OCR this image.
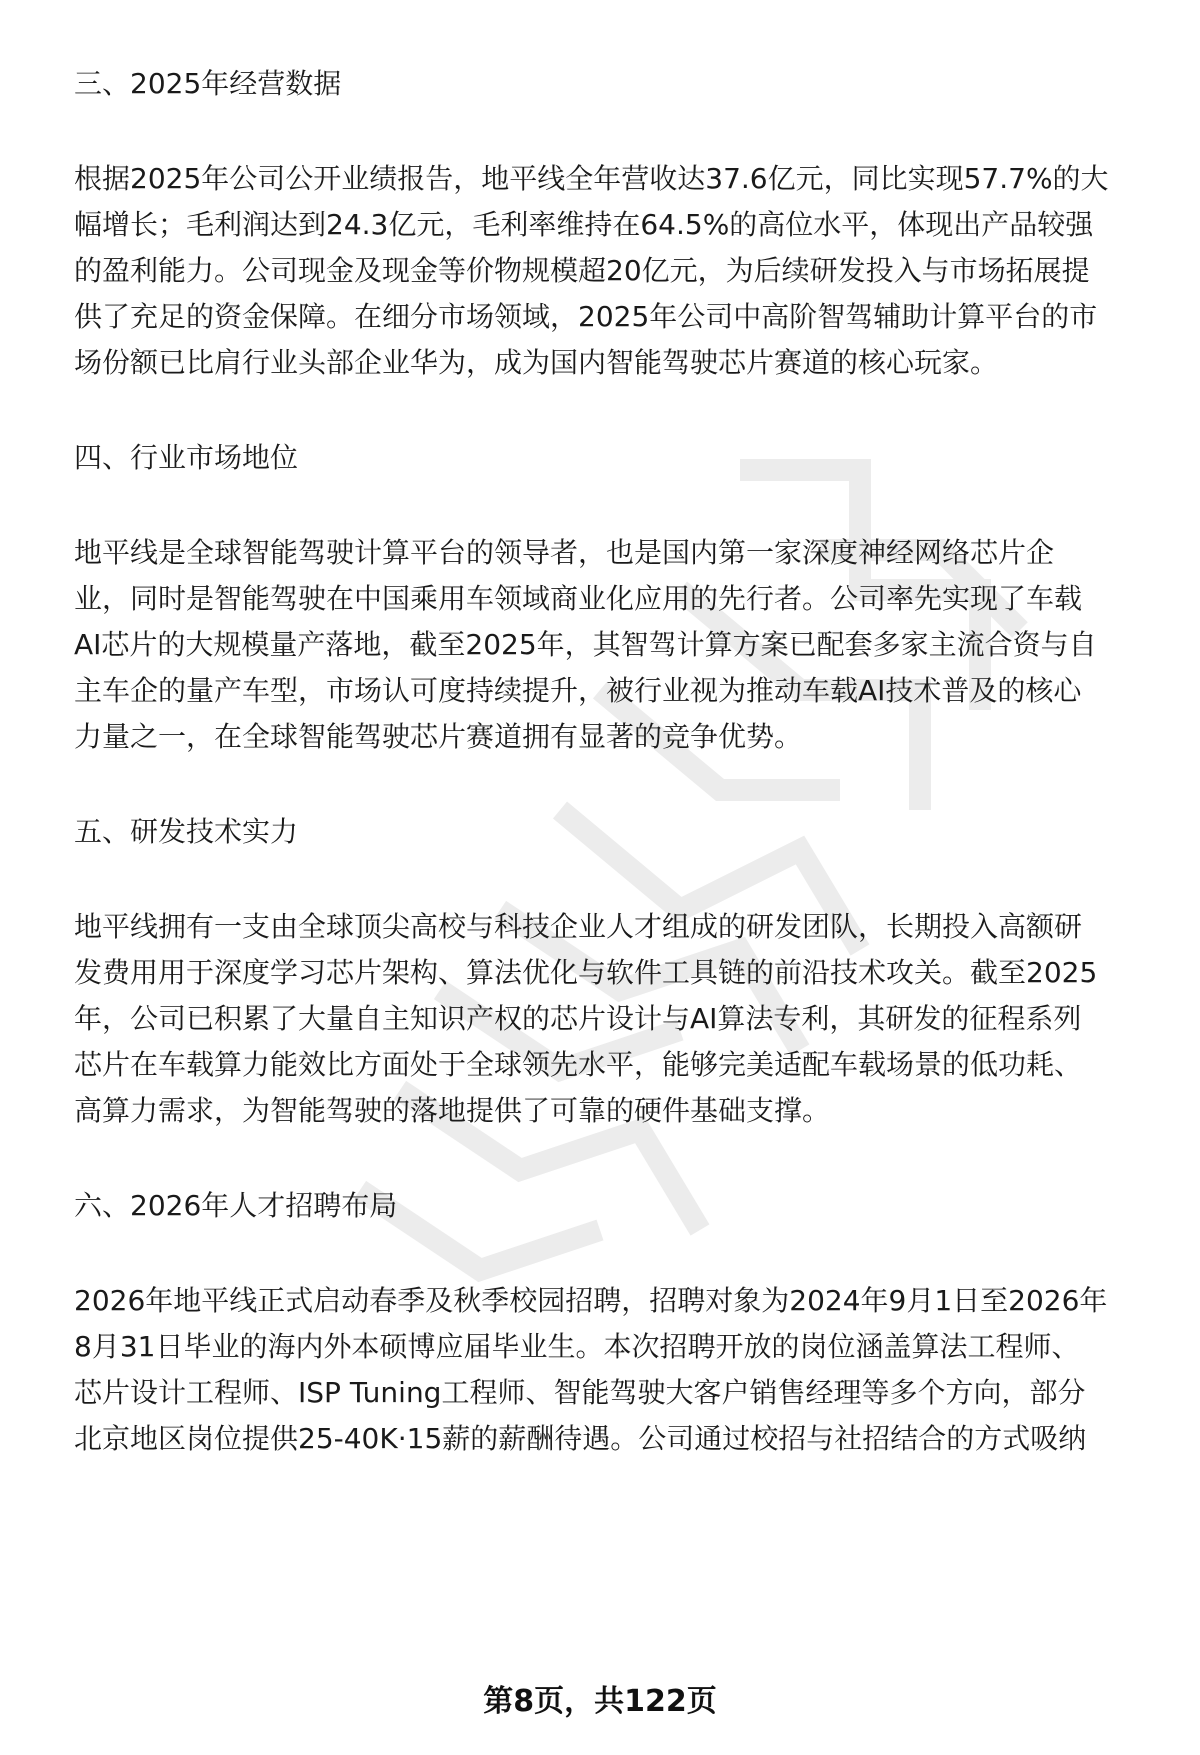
三、2025年经营数据

根据2025年公司公开业绩报告，地平线全年营收达37.6亿元，同比实现57.7%的大
幅增长；毛利润达到24.3亿元，毛利率维持在64.5%的高位水平，体现出产品较强
的盈利能力。公司现金及现金等价物规模超20亿元，为后续研发投入与市场拓展提
供了充足的资金保障。在细分市场领域，2025年公司中高阶智驾辅助计算平台的市
场份额已比肩行业头部企业华为，成为国内智能驾驶芯片赛道的核心玩家。

四、行业市场地位

地平线是全球智能驾驶计算平台的领导者，也是国内第一家深度神经网络芯片企
业，同时是智能驾驶在中国乘用车领域商业化应用的先行者。公司率先实现了车载
AI芯片的大规模量产落地，截至2025年，其智驾计算方案已配套多家主流合资与自
主车企的量产车型，市场认可度持续提升，被行业视为推动车载AI技术普及的核心
力量之一，在全球智能驾驶芯片赛道拥有显著的竞争优势。

五、研发技术实力

地平线拥有一支由全球顶尖高校与科技企业人才组成的研发团队，长期投入高额研
发费用用于深度学习芯片架构、算法优化与软件工具链的前沿技术攻关。截至2025
年，公司已积累了大量自主知识产权的芯片设计与AI算法专利，其研发的征程系列
芯片在车载算力能效比方面处于全球领先水平，能够完美适配车载场景的低功耗、
高算力需求，为智能驾驶的落地提供了可靠的硬件基础支撑。

六、2026年人才招聘布局

2026年地平线正式启动春季及秋季校园招聘，招聘对象为2024年9月1日至2026年
8月31日毕业的海内外本硕博应届毕业生。本次招聘开放的岗位涵盖算法工程师、
芯片设计工程师、ISP Tuning工程师、智能驾驶大客户销售经理等多个方向，部分
北京地区岗位提供25-40K·15薪的薪酬待遇。公司通过校招与社招结合的方式吸纳

第8页，共122页
